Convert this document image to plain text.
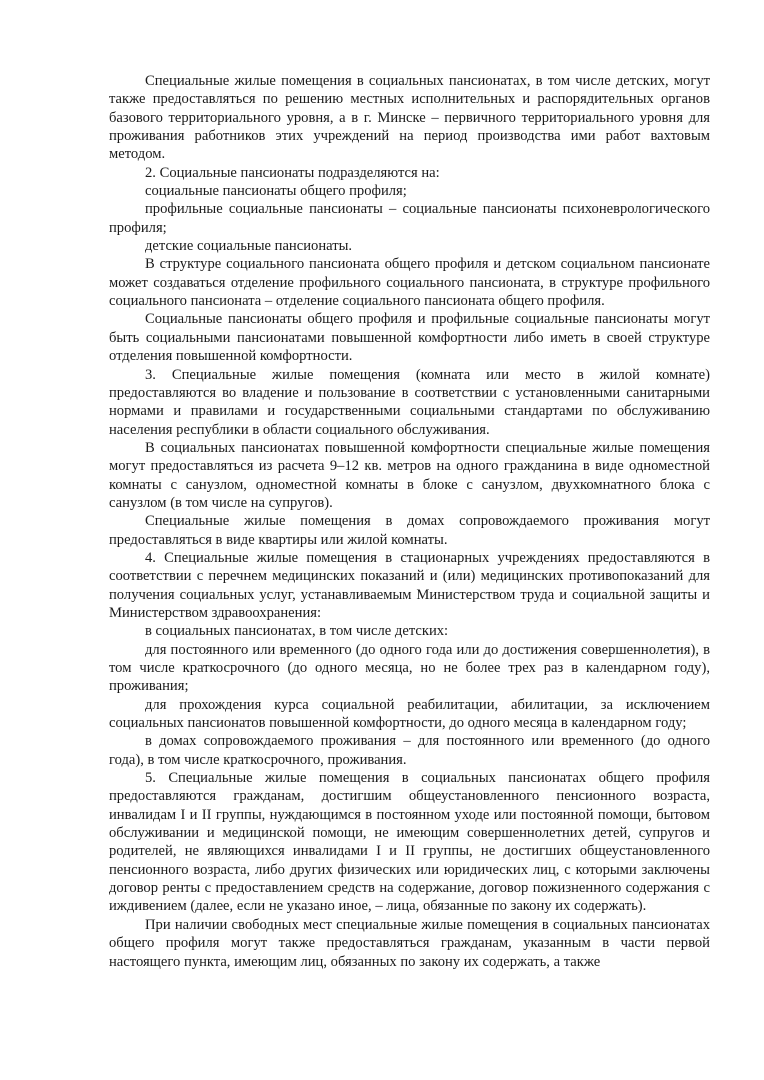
Специальные жилые помещения в социальных пансионатах, в том числе детских, могут также предоставляться по решению местных исполнительных и распорядительных органов базового территориального уровня, а в г. Минске – первичного территориального уровня для проживания работников этих учреждений на период производства ими работ вахтовым методом.

2. Социальные пансионаты подразделяются на:

социальные пансионаты общего профиля;

профильные социальные пансионаты – социальные пансионаты психоневрологического профиля;

детские социальные пансионаты.

В структуре социального пансионата общего профиля и детском социальном пансионате может создаваться отделение профильного социального пансионата, в структуре профильного социального пансионата – отделение социального пансионата общего профиля.

Социальные пансионаты общего профиля и профильные социальные пансионаты могут быть социальными пансионатами повышенной комфортности либо иметь в своей структуре отделения повышенной комфортности.

3. Специальные жилые помещения (комната или место в жилой комнате) предоставляются во владение и пользование в соответствии с установленными санитарными нормами и правилами и государственными социальными стандартами по обслуживанию населения республики в области социального обслуживания.

В социальных пансионатах повышенной комфортности специальные жилые помещения могут предоставляться из расчета 9–12 кв. метров на одного гражданина в виде одноместной комнаты с санузлом, одноместной комнаты в блоке с санузлом, двухкомнатного блока с санузлом (в том числе на супругов).

Специальные жилые помещения в домах сопровождаемого проживания могут предоставляться в виде квартиры или жилой комнаты.

4. Специальные жилые помещения в стационарных учреждениях предоставляются в соответствии с перечнем медицинских показаний и (или) медицинских противопоказаний для получения социальных услуг, устанавливаемым Министерством труда и социальной защиты и Министерством здравоохранения:

в социальных пансионатах, в том числе детских:

для постоянного или временного (до одного года или до достижения совершеннолетия), в том числе краткосрочного (до одного месяца, но не более трех раз в календарном году), проживания;

для прохождения курса социальной реабилитации, абилитации, за исключением социальных пансионатов повышенной комфортности, до одного месяца в календарном году;

в домах сопровождаемого проживания – для постоянного или временного (до одного года), в том числе краткосрочного, проживания.

5. Специальные жилые помещения в социальных пансионатах общего профиля предоставляются гражданам, достигшим общеустановленного пенсионного возраста, инвалидам I и II группы, нуждающимся в постоянном уходе или постоянной помощи, бытовом обслуживании и медицинской помощи, не имеющим совершеннолетних детей, супругов и родителей, не являющихся инвалидами I и II группы, не достигших общеустановленного пенсионного возраста, либо других физических или юридических лиц, с которыми заключены договор ренты с предоставлением средств на содержание, договор пожизненного содержания с иждивением (далее, если не указано иное, – лица, обязанные по закону их содержать).

При наличии свободных мест специальные жилые помещения в социальных пансионатах общего профиля могут также предоставляться гражданам, указанным в части первой настоящего пункта, имеющим лиц, обязанных по закону их содержать, а также
